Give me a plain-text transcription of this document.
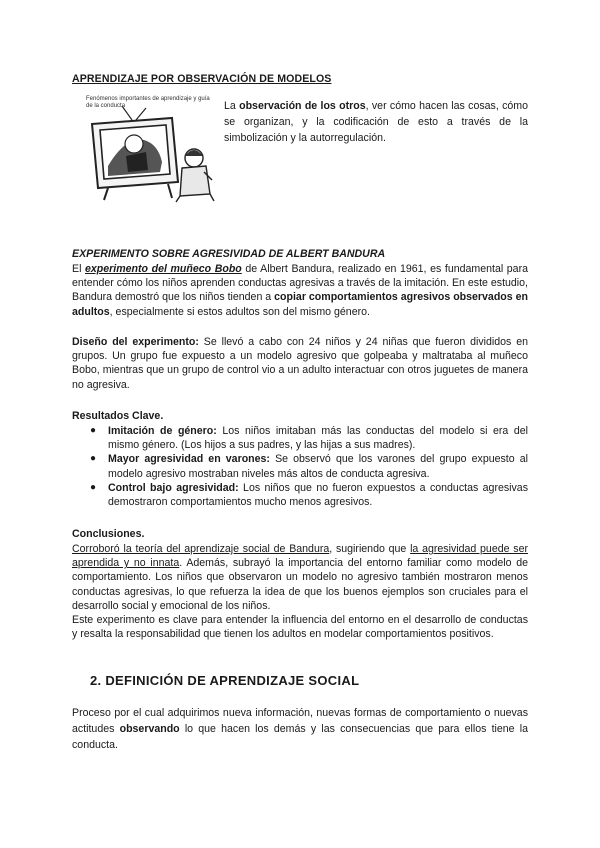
APRENDIZAJE POR OBSERVACIÓN DE MODELOS
Fenómenos importantes de aprendizaje y guía de la conducta	La observación de los otros, ver cómo hacen las cosas, cómo se organizan, y la codificación de esto a través de la simbolización y la autorregulación.
EXPERIMENTO SOBRE AGRESIVIDAD DE ALBERT BANDURA
El experimento del muñeco Bobo de Albert Bandura, realizado en 1961, es fundamental para entender cómo los niños aprenden conductas agresivas a través de la imitación. En este estudio, Bandura demostró que los niños tienden a copiar comportamientos agresivos observados en adultos, especialmente si estos adultos son del mismo género.
Diseño del experimento: Se llevó a cabo con 24 niños y 24 niñas que fueron divididos en grupos. Un grupo fue expuesto a un modelo agresivo que golpeaba y maltrataba al muñeco Bobo, mientras que un grupo de control vio a un adulto interactuar con otros juguetes de manera no agresiva.
Resultados Clave.
● Imitación de género: Los niños imitaban más las conductas del modelo si era del mismo género. (Los hijos a sus padres, y las hijas a sus madres).
● Mayor agresividad en varones: Se observó que los varones del grupo expuesto al modelo agresivo mostraban niveles más altos de conducta agresiva.
● Control bajo agresividad: Los niños que no fueron expuestos a conductas agresivas demostraron comportamientos mucho menos agresivos.
Conclusiones.
Corroboró la teoría del aprendizaje social de Bandura, sugiriendo que la agresividad puede ser aprendida y no innata. Además, subrayó la importancia del entorno familiar como modelo de comportamiento. Los niños que observaron un modelo no agresivo también mostraron menos conductas agresivas, lo que refuerza la idea de que los buenos ejemplos son cruciales para el desarrollo social y emocional de los niños.
Este experimento es clave para entender la influencia del entorno en el desarrollo de conductas y resalta la responsabilidad que tienen los adultos en modelar comportamientos positivos.
2. DEFINICIÓN DE APRENDIZAJE SOCIAL
Proceso por el cual adquirimos nueva información, nuevas formas de comportamiento o nuevas actitudes observando lo que hacen los demás y las consecuencias que para ellos tiene la conducta.
